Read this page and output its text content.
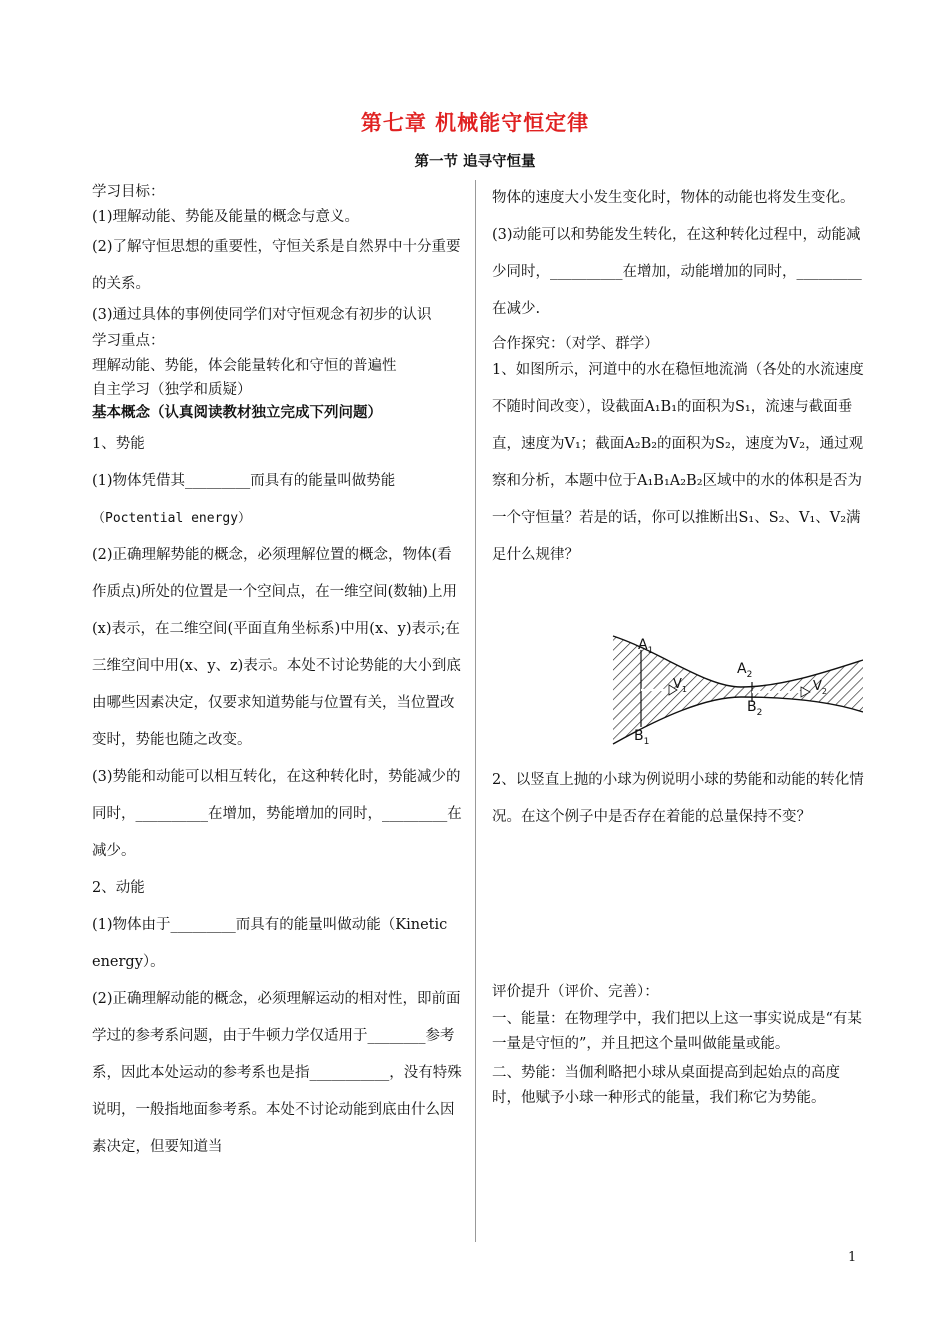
第七章 机械能守恒定律
第一节 追寻守恒量

学习目标：

(1)理解动能、势能及能量的概念与意义。

(2)了解守恒思想的重要性，守恒关系是自然界中十分重要的关系。

(3)通过具体的事例使同学们对守恒观念有初步的认识

学习重点：

理解动能、势能，体会能量转化和守恒的普遍性

自主学习（独学和质疑）

基本概念（认真阅读教材独立完成下列问题）

1、势能

(1)物体凭借其_________而具有的能量叫做势能

（Poctential energy）

(2)正确理解势能的概念，必须理解位置的概念，物体(看作质点)所处的位置是一个空间点，在一维空间(数轴)上用(x)表示，在二维空间(平面直角坐标系)中用(x、y)表示;在三维空间中用(x、y、z)表示。本处不讨论势能的大小到底由哪些因素决定，仅要求知道势能与位置有关，当位置改变时，势能也随之改变。

(3)势能和动能可以相互转化，在这种转化时，势能减少的同时，__________在增加，势能增加的同时，_________在减少。

2、动能

(1)物体由于_________而具有的能量叫做动能（Kinetic energy）。

(2)正确理解动能的概念，必须理解运动的相对性，即前面学过的参考系问题，由于牛顿力学仅适用于________参考系，因此本处运动的参考系也是指___________，没有特殊说明，一般指地面参考系。本处不讨论动能到底由什么因素决定，但要知道当

物体的速度大小发生变化时，物体的动能也将发生变化。

(3)动能可以和势能发生转化，在这种转化过程中，动能减少同时，__________在增加，动能增加的同时，_________在减少.

合作探究：（对学、群学）

1、如图所示，河道中的水在稳恒地流淌（各处的水流速度不随时间改变），设截面A₁B₁的面积为S₁，流速与截面垂直，速度为V₁；截面A₂B₂的面积为S₂，速度为V₂，通过观察和分析，本题中位于A₁B₁A₂B₂区域中的水的体积是否为一个守恒量？若是的话，你可以推断出S₁、S₂、V₁、V₂满足什么规律？

2、以竖直上抛的小球为例说明小球的势能和动能的转化情况。在这个例子中是否存在着能的总量保持不变？

评价提升（评价、完善）：

一、能量：在物理学中，我们把以上这一事实说成是“有某一量是守恒的”，并且把这个量叫做能量或能。

二、势能：当伽利略把小球从桌面提高到起始点的高度时，他赋予小球一种形式的能量，我们称它为势能。

$A_1$
$B_1$
$V_1$
$A_2$
$B_2$
$V_2$
1
